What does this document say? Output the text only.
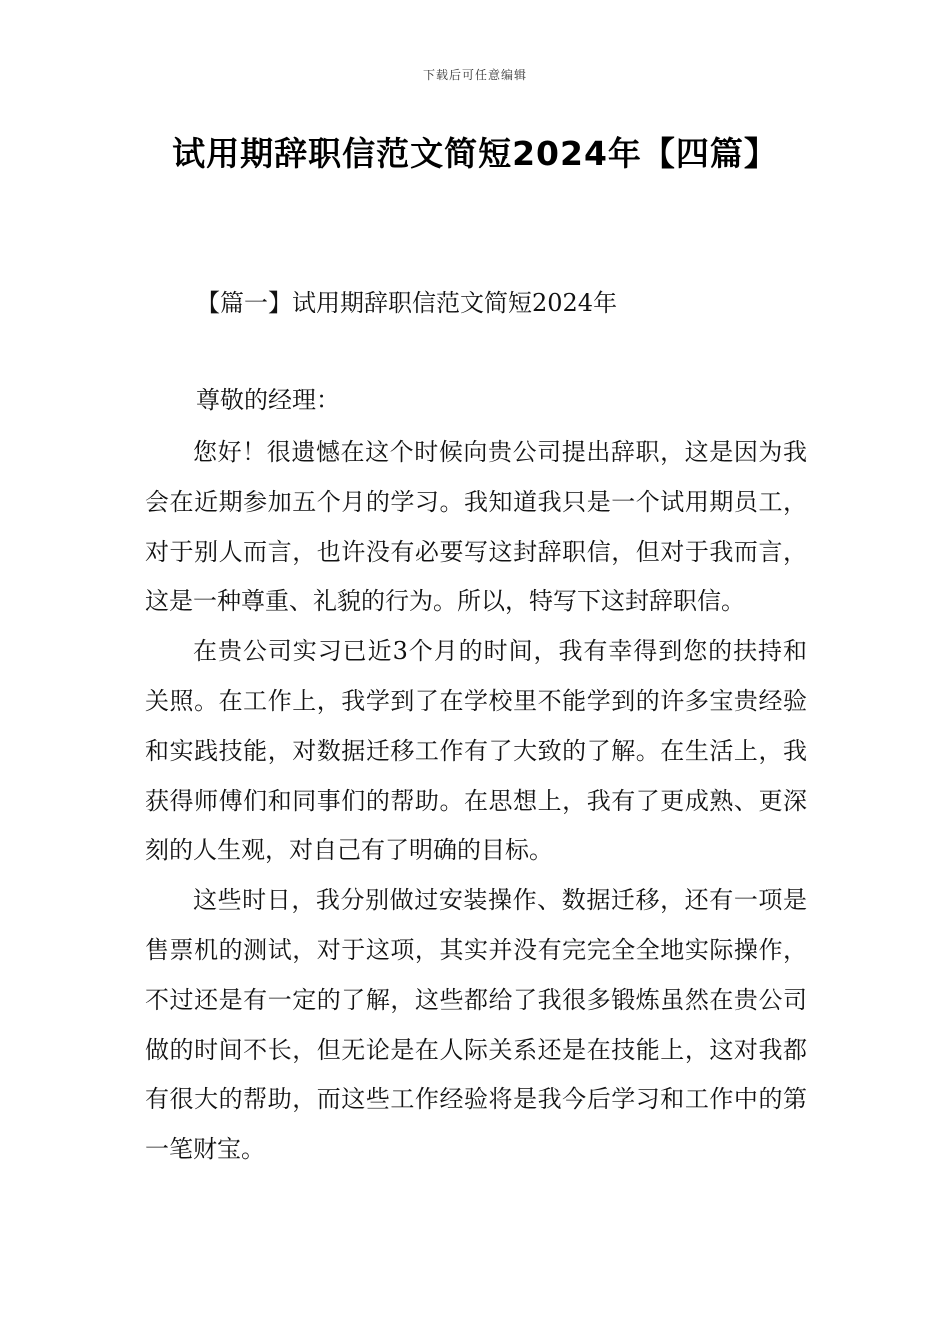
下载后可任意编辑
试用期辞职信范文简短2024年【四篇】
【篇一】试用期辞职信范文简短2024年

尊敬的经理：

您好！很遗憾在这个时候向贵公司提出辞职，这是因为我会在近期参加五个月的学习。我知道我只是一个试用期员工，对于别人而言，也许没有必要写这封辞职信，但对于我而言，这是一种尊重、礼貌的行为。所以，特写下这封辞职信。

在贵公司实习已近3个月的时间，我有幸得到您的扶持和关照。在工作上，我学到了在学校里不能学到的许多宝贵经验和实践技能，对数据迁移工作有了大致的了解。在生活上，我获得师傅们和同事们的帮助。在思想上，我有了更成熟、更深刻的人生观，对自己有了明确的目标。

这些时日，我分别做过安装操作、数据迁移，还有一项是售票机的测试，对于这项，其实并没有完完全全地实际操作，不过还是有一定的了解，这些都给了我很多锻炼虽然在贵公司做的时间不长，但无论是在人际关系还是在技能上，这对我都有很大的帮助，而这些工作经验将是我今后学习和工作中的第一笔财宝。
